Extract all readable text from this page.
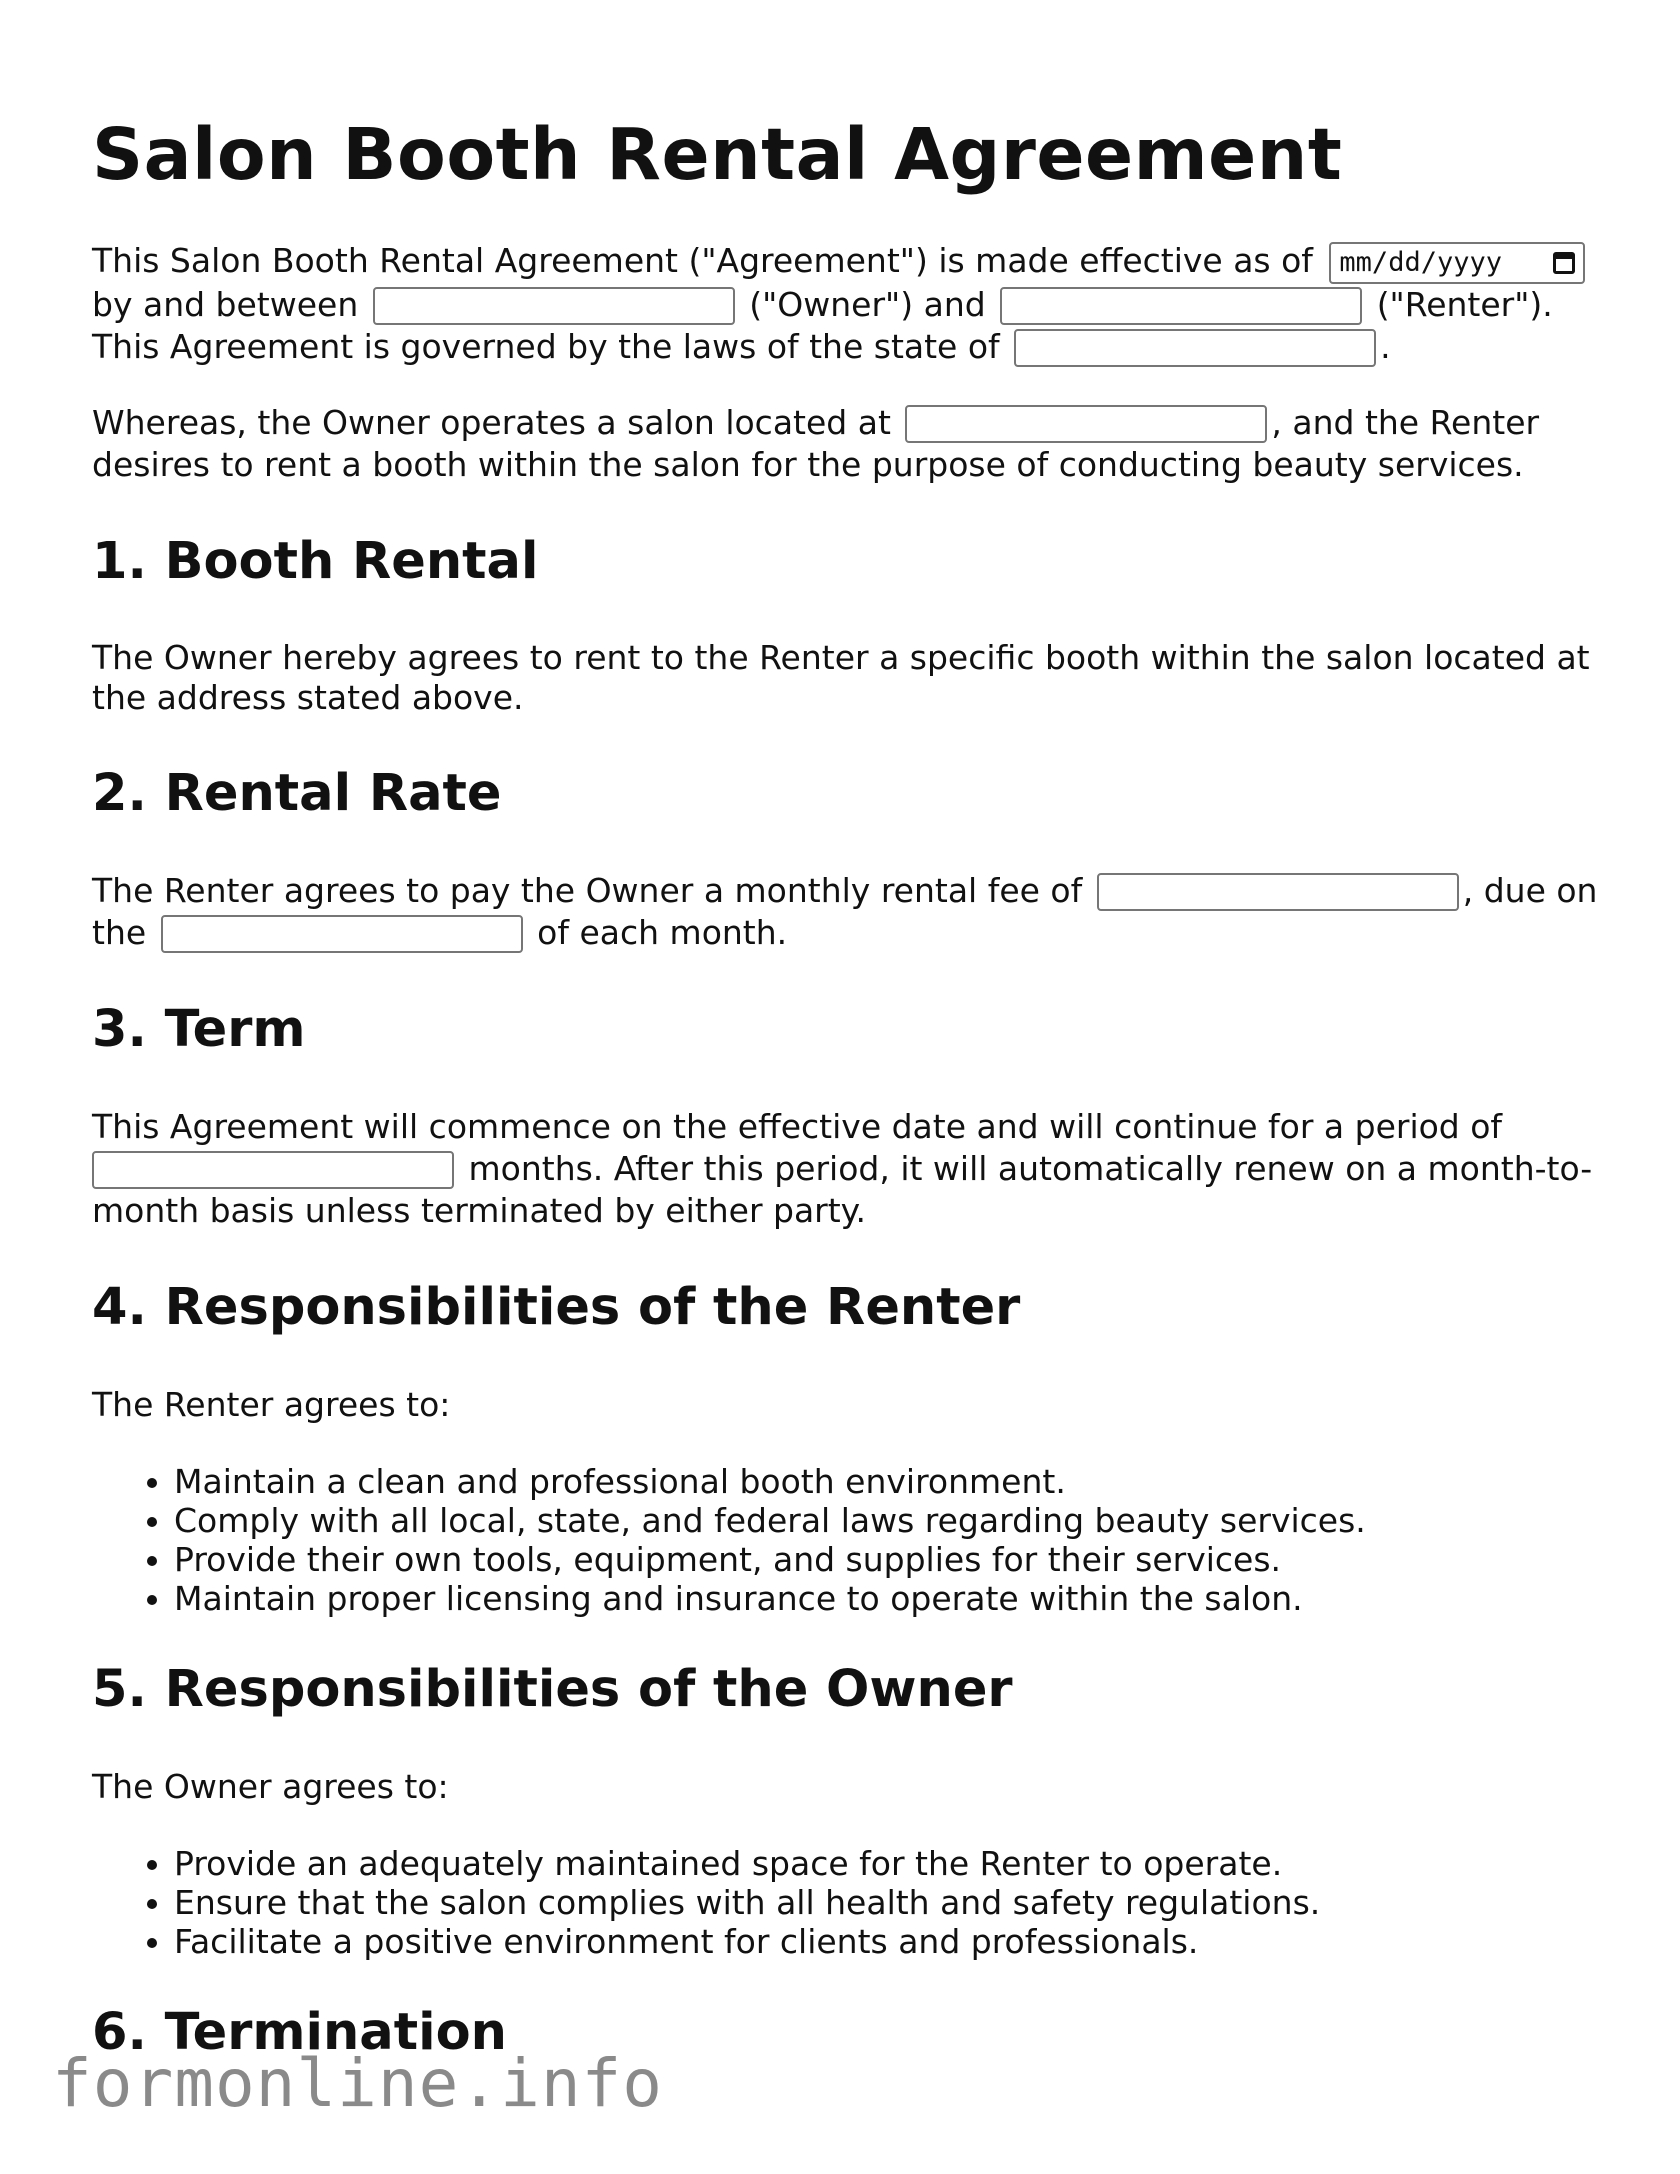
Salon Booth Rental Agreement

This Salon Booth Rental Agreement ("Agreement") is made effective as of mm/dd/yyyy

by and between	("Owner") and	("Renter").
This Agreement is governed by the laws of the state of	.

Whereas, the Owner operates a salon located at	, and the Renter desires to rent a booth within the salon for the purpose of conducting beauty services.

1. Booth Rental

The Owner hereby agrees to rent to the Renter a specific booth within the salon located at the address stated above.

2. Rental Rate

The Renter agrees to pay the Owner a monthly rental fee of	, due on the	of each month.

3. Term

This Agreement will commence on the effective date and will continue for a period of  months. After this period, it will automatically renew on a month-to-month basis unless terminated by either party.

4. Responsibilities of the Renter

The Renter agrees to:

• Maintain a clean and professional booth environment.
• Comply with all local, state, and federal laws regarding beauty services.
• Provide their own tools, equipment, and supplies for their services.
• Maintain proper licensing and insurance to operate within the salon.
5. Responsibilities of the Owner

The Owner agrees to:

• Provide an adequately maintained space for the Renter to operate.
• Ensure that the salon complies with all health and safety regulations.
• Facilitate a positive environment for clients and professionals.
6. Termination
formonline.info
